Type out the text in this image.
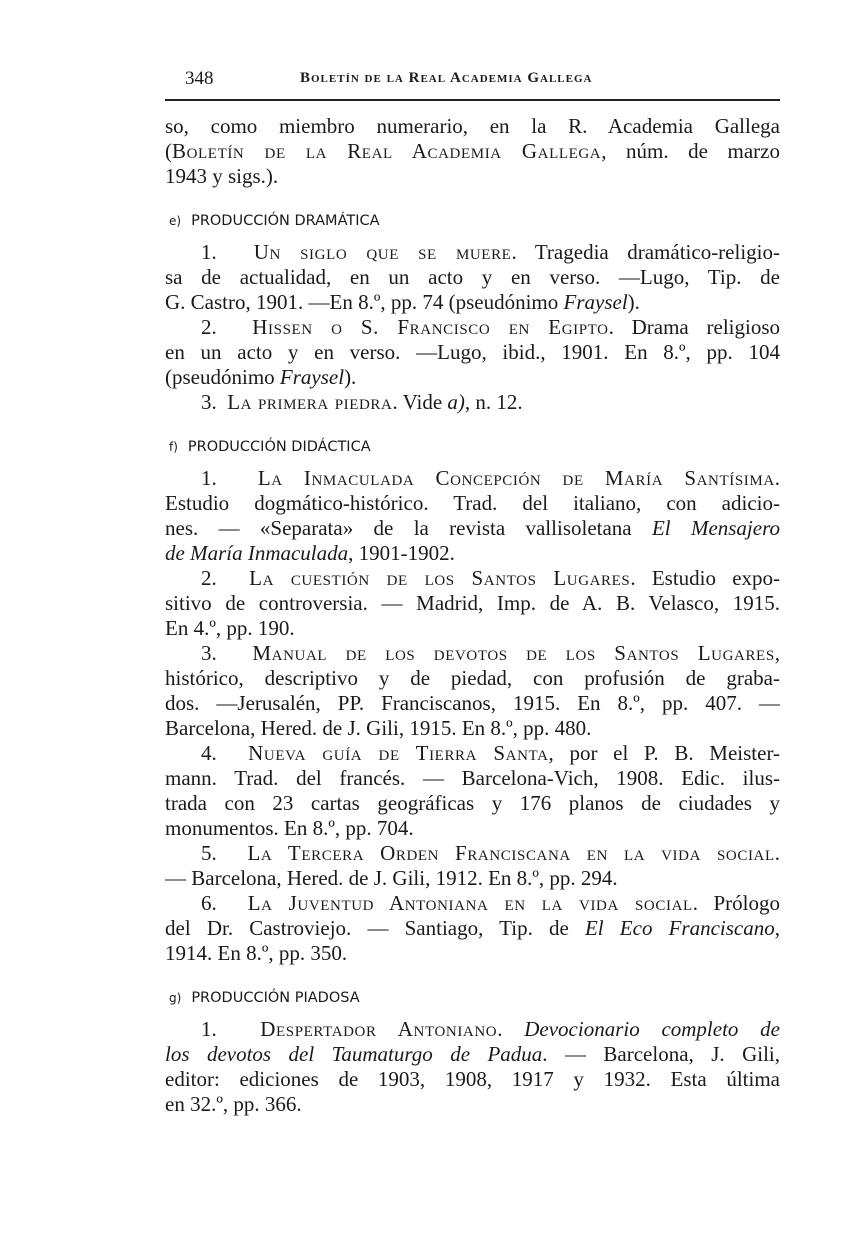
348	Boletín de la Real Academia Gallega
so, como miembro numerario, en la R. Academia Gallega
(Boletín de la Real Academia Gallega, núm. de marzo
1943 y sigs.).
e) PRODUCCIÓN DRAMÁTICA
1.  Un siglo que se muere. Tragedia dramático-religio-
sa de actualidad, en un acto y en verso. —Lugo, Tip. de
G. Castro, 1901. —En 8.º, pp. 74 (pseudónimo Fraysel).
2.  Hissen o S. Francisco en Egipto. Drama religioso
en un acto y en verso. —Lugo, ibid., 1901. En 8.º, pp. 104
(pseudónimo Fraysel).
3.  La primera piedra. Vide a), n. 12.
f) PRODUCCIÓN DIDÁCTICA
1.  La Inmaculada Concepción de María Santísima.
Estudio dogmático-histórico. Trad. del italiano, con adicio-
nes. — «Separata» de la revista vallisoletana El Mensajero
de María Inmaculada, 1901-1902.
2.  La cuestión de los Santos Lugares. Estudio expo-
sitivo de controversia. — Madrid, Imp. de A. B. Velasco, 1915.
En 4.º, pp. 190.
3.  Manual de los devotos de los Santos Lugares,
histórico, descriptivo y de piedad, con profusión de graba-
dos. —Jerusalén, PP. Franciscanos, 1915. En 8.º, pp. 407. —
Barcelona, Hered. de J. Gili, 1915. En 8.º, pp. 480.
4.  Nueva guía de Tierra Santa, por el P. B. Meister-
mann. Trad. del francés. — Barcelona-Vich, 1908. Edic. ilus-
trada con 23 cartas geográficas y 176 planos de ciudades y
monumentos. En 8.º, pp. 704.
5.  La Tercera Orden Franciscana en la vida social.
— Barcelona, Hered. de J. Gili, 1912. En 8.º, pp. 294.
6.  La Juventud Antoniana en la vida social. Prólogo
del Dr. Castroviejo. — Santiago, Tip. de El Eco Franciscano,
1914. En 8.º, pp. 350.
g) PRODUCCIÓN PIADOSA
1.  Despertador Antoniano. Devocionario completo de
los devotos del Taumaturgo de Padua. — Barcelona, J. Gili,
editor: ediciones de 1903, 1908, 1917 y 1932. Esta última
en 32.º, pp. 366.
